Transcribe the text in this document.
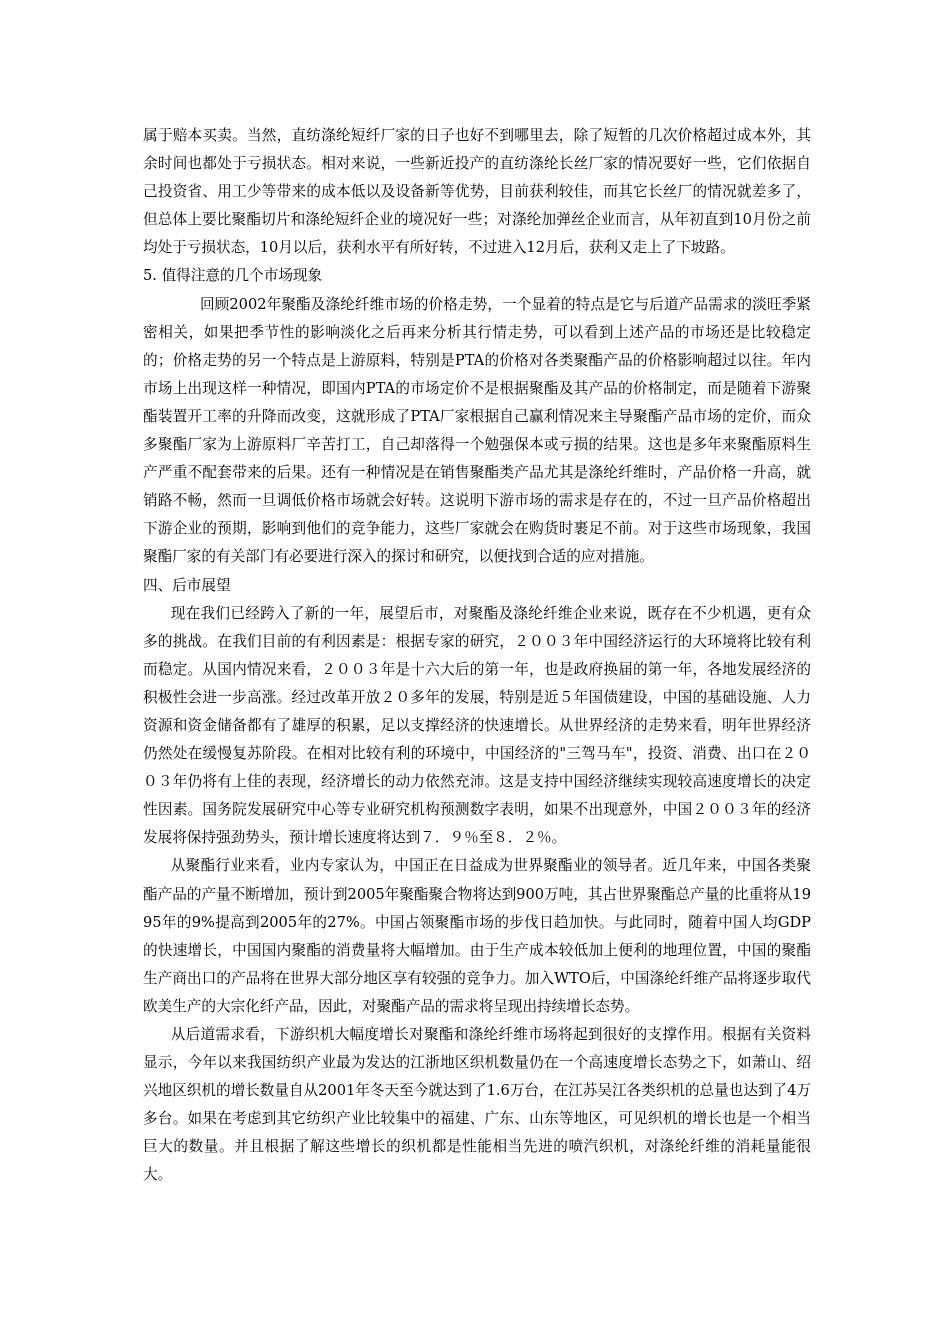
属于赔本买卖。当然，直纺涤纶短纤厂家的日子也好不到哪里去，除了短暂的几次价格超过成本外，其余时间也都处于亏损状态。相对来说，一些新近投产的直纺涤纶长丝厂家的情况要好一些，它们依据自己投资省、用工少等带来的成本低以及设备新等优势，目前获利较佳，而其它长丝厂的情况就差多了，但总体上要比聚酯切片和涤纶短纤企业的境况好一些；对涤纶加弹丝企业而言，从年初直到10月份之前均处于亏损状态，10月以后，获利水平有所好转，不过进入12月后，获利又走上了下坡路。

5. 值得注意的几个市场现象

回顾2002年聚酯及涤纶纤维市场的价格走势，一个显着的特点是它与后道产品需求的淡旺季紧密相关，如果把季节性的影响淡化之后再来分析其行情走势，可以看到上述产品的市场还是比较稳定的；价格走势的另一个特点是上游原料，特别是PTA的价格对各类聚酯产品的价格影响超过以往。年内市场上出现这样一种情况，即国内PTA的市场定价不是根据聚酯及其产品的价格制定，而是随着下游聚酯装置开工率的升降而改变，这就形成了PTA厂家根据自己赢利情况来主导聚酯产品市场的定价，而众多聚酯厂家为上游原料厂辛苦打工，自己却落得一个勉强保本或亏损的结果。这也是多年来聚酯原料生产严重不配套带来的后果。还有一种情况是在销售聚酯类产品尤其是涤纶纤维时，产品价格一升高，就销路不畅，然而一旦调低价格市场就会好转。这说明下游市场的需求是存在的，不过一旦产品价格超出下游企业的预期，影响到他们的竞争能力，这些厂家就会在购货时裹足不前。对于这些市场现象，我国聚酯厂家的有关部门有必要进行深入的探讨和研究，以便找到合适的应对措施。

四、后市展望

现在我们已经跨入了新的一年，展望后市，对聚酯及涤纶纤维企业来说，既存在不少机遇，更有众多的挑战。在我们目前的有利因素是：根据专家的研究，２００３年中国经济运行的大环境将比较有利而稳定。从国内情况来看，２００３年是十六大后的第一年，也是政府换届的第一年，各地发展经济的积极性会进一步高涨。经过改革开放２０多年的发展，特别是近５年国债建设，中国的基础设施、人力资源和资金储备都有了雄厚的积累，足以支撑经济的快速增长。从世界经济的走势来看，明年世界经济仍然处在缓慢复苏阶段。在相对比较有利的环境中，中国经济的"三驾马车"，投资、消费、出口在２００３年仍将有上佳的表现，经济增长的动力依然充沛。这是支持中国经济继续实现较高速度增长的决定性因素。国务院发展研究中心等专业研究机构预测数字表明，如果不出现意外，中国２００３年的经济发展将保持强劲势头，预计增长速度将达到７．９％至８．２％。

从聚酯行业来看，业内专家认为，中国正在日益成为世界聚酯业的领导者。近几年来，中国各类聚酯产品的产量不断增加，预计到2005年聚酯聚合物将达到900万吨，其占世界聚酯总产量的比重将从1995年的9%提高到2005年的27%。中国占领聚酯市场的步伐日趋加快。与此同时，随着中国人均GDP的快速增长，中国国内聚酯的消费量将大幅增加。由于生产成本较低加上便利的地理位置，中国的聚酯生产商出口的产品将在世界大部分地区享有较强的竞争力。加入WTO后，中国涤纶纤维产品将逐步取代欧美生产的大宗化纤产品，因此，对聚酯产品的需求将呈现出持续增长态势。

从后道需求看，下游织机大幅度增长对聚酯和涤纶纤维市场将起到很好的支撑作用。根据有关资料显示，今年以来我国纺织产业最为发达的江浙地区织机数量仍在一个高速度增长态势之下，如萧山、绍兴地区织机的增长数量自从2001年冬天至今就达到了1.6万台，在江苏吴江各类织机的总量也达到了4万多台。如果在考虑到其它纺织产业比较集中的福建、广东、山东等地区，可见织机的增长也是一个相当巨大的数量。并且根据了解这些增长的织机都是性能相当先进的喷汽织机，对涤纶纤维的消耗量能很大。
